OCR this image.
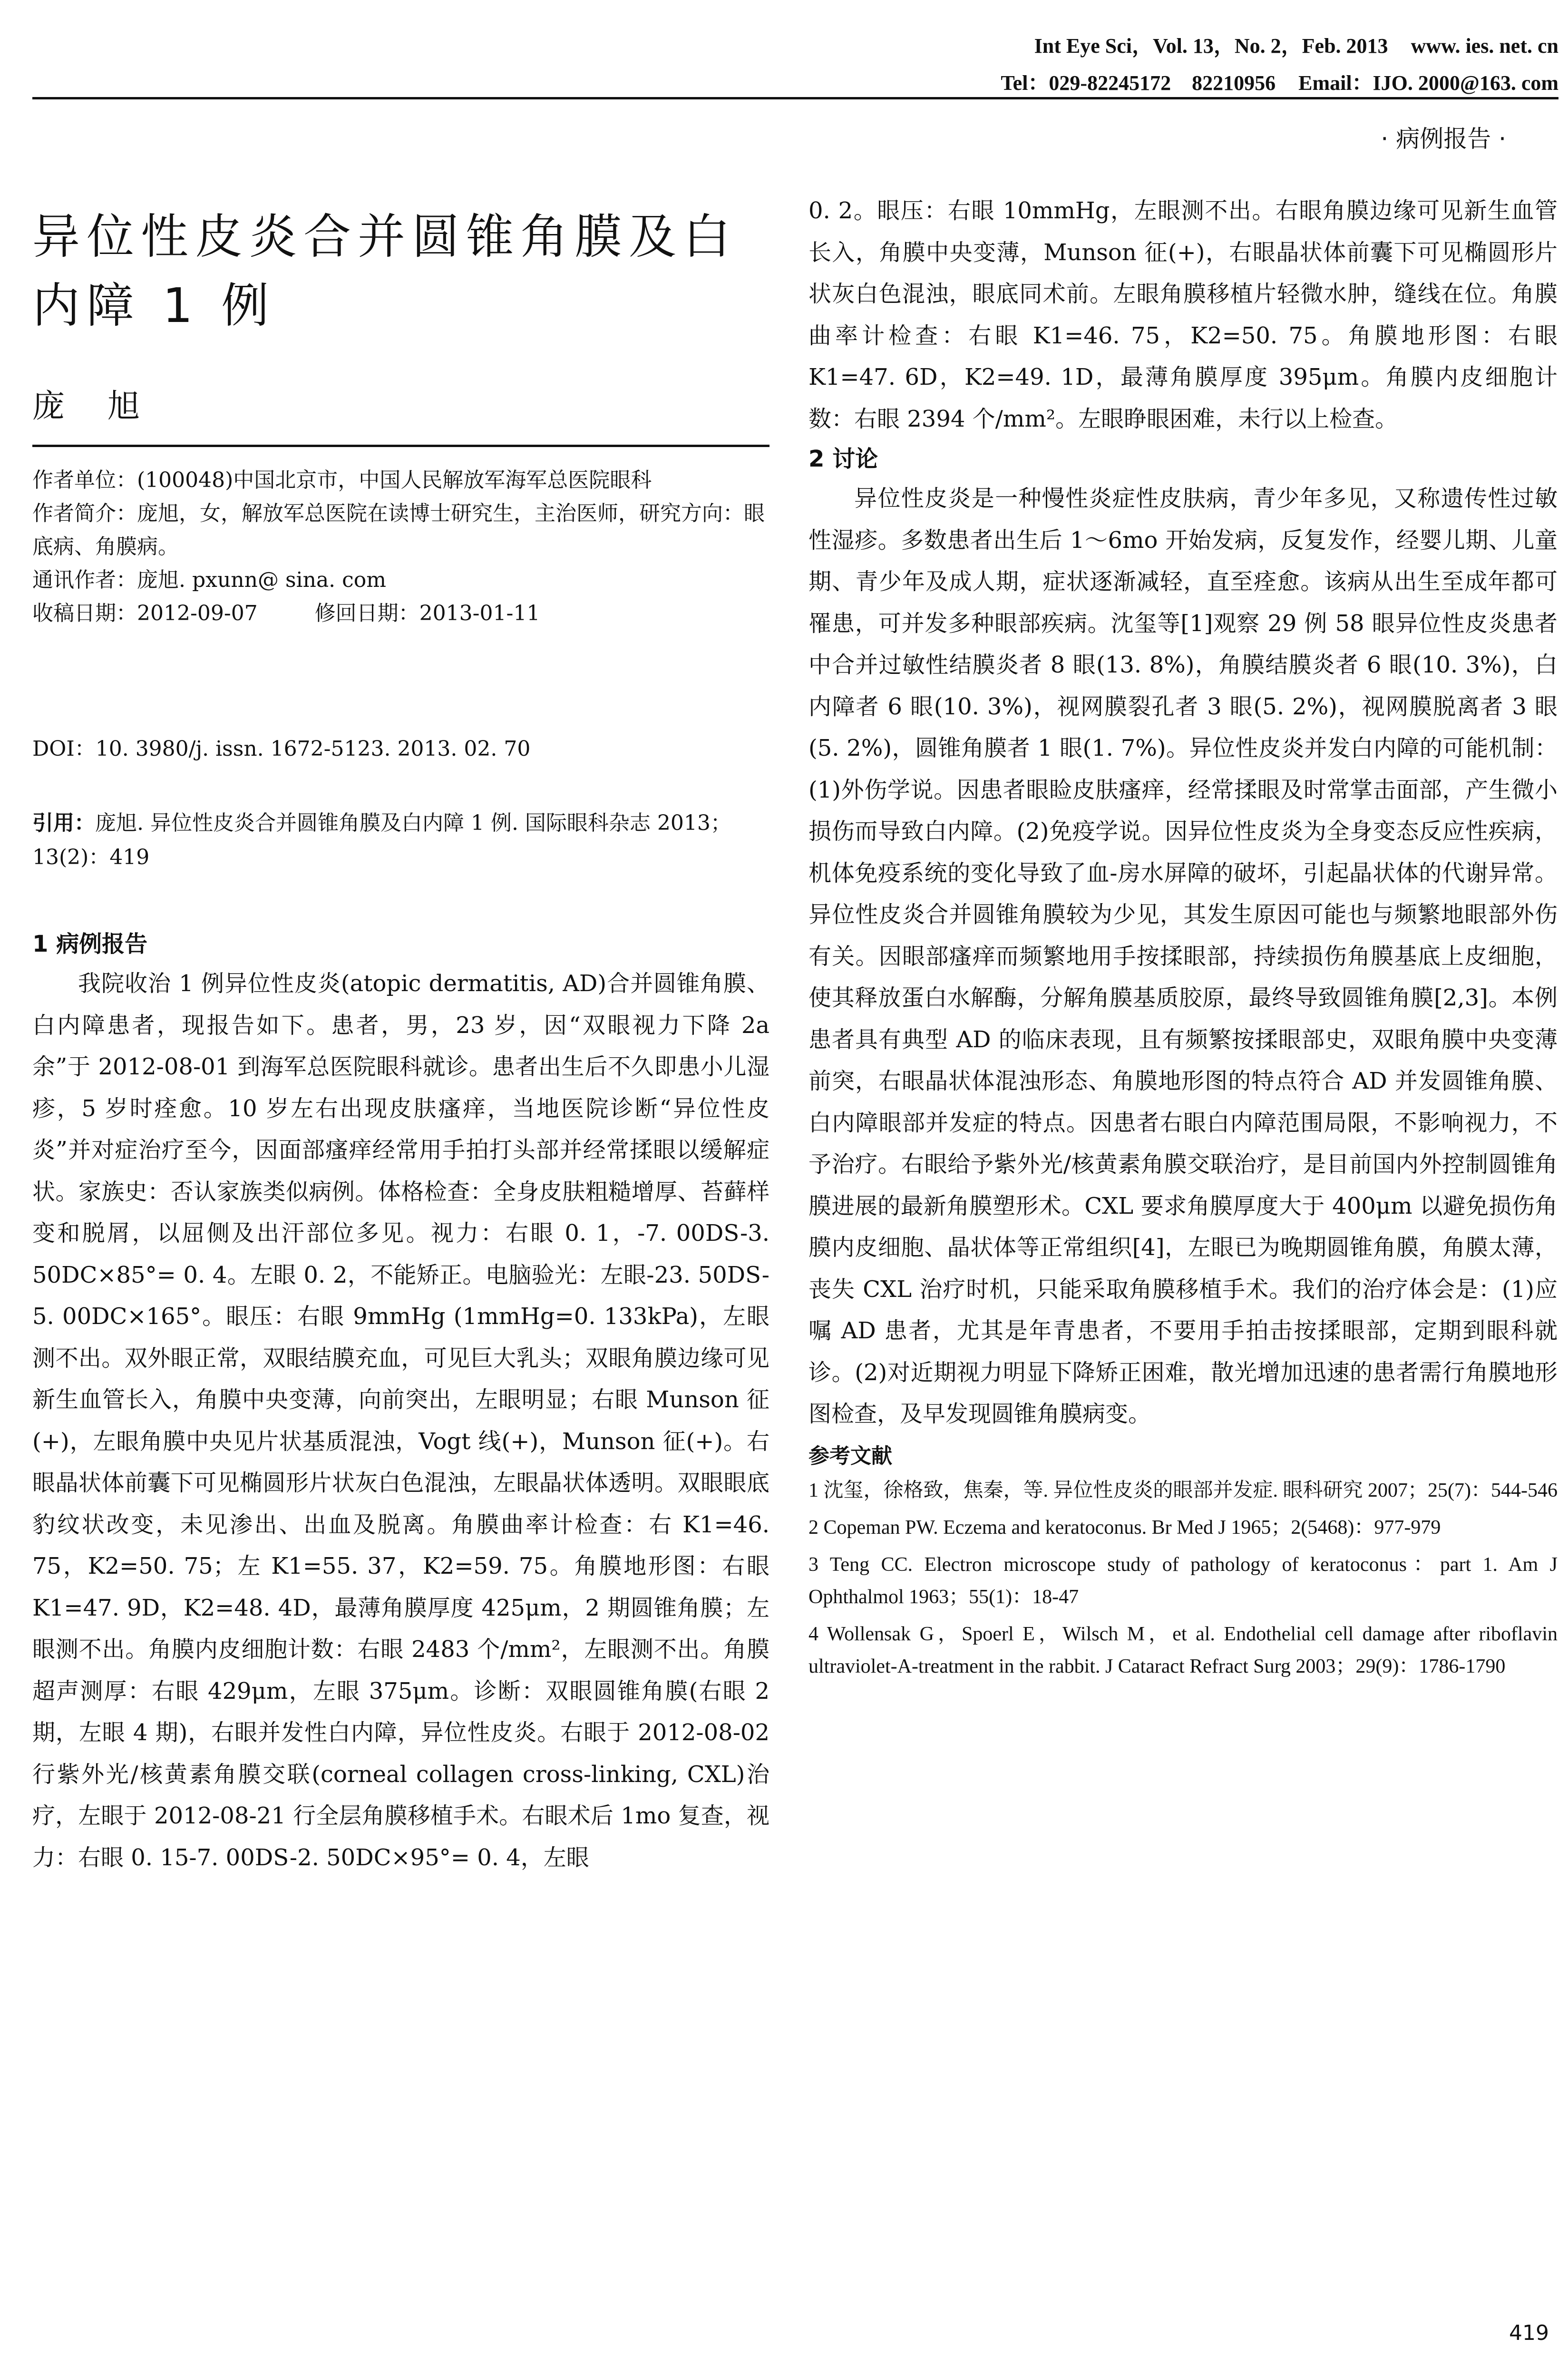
Int Eye Sci，Vol. 13，No. 2，Feb. 2013 www. ies. net. cn
Tel：029-82245172　82210956 Email：IJO. 2000@163. com
· 病例报告 ·
异位性皮炎合并圆锥角膜及白
内障 1 例
庞旭

作者单位：(100048)中国北京市，中国人民解放军海军总医院眼科

作者简介：庞旭，女，解放军总医院在读博士研究生，主治医师，研究方向：眼底病、角膜病。

通讯作者：庞旭. pxunn@ sina. com

收稿日期：2012-09-07	修回日期：2013-01-11

DOI：10. 3980/j. issn. 1672-5123. 2013. 02. 70
引用：庞旭. 异位性皮炎合并圆锥角膜及白内障 1 例. 国际眼科杂志 2013；13(2)：419
1 病例报告

我院收治 1 例异位性皮炎(atopic dermatitis, AD)合并圆锥角膜、白内障患者，现报告如下。患者，男，23 岁，因“双眼视力下降 2a 余”于 2012-08-01 到海军总医院眼科就诊。患者出生后不久即患小儿湿疹，5 岁时痊愈。10 岁左右出现皮肤瘙痒，当地医院诊断“异位性皮炎”并对症治疗至今，因面部瘙痒经常用手拍打头部并经常揉眼以缓解症状。家族史：否认家族类似病例。体格检查：全身皮肤粗糙增厚、苔藓样变和脱屑，以屈侧及出汗部位多见。视力：右眼 0. 1，-7. 00DS-3. 50DC×85°= 0. 4。左眼 0. 2，不能矫正。电脑验光：左眼-23. 50DS-5. 00DC×165°。眼压：右眼 9mmHg (1mmHg=0. 133kPa)，左眼测不出。双外眼正常，双眼结膜充血，可见巨大乳头；双眼角膜边缘可见新生血管长入，角膜中央变薄，向前突出，左眼明显；右眼 Munson 征(+)，左眼角膜中央见片状基质混浊，Vogt 线(+)，Munson 征(+)。右眼晶状体前囊下可见椭圆形片状灰白色混浊，左眼晶状体透明。双眼眼底豹纹状改变，未见渗出、出血及脱离。角膜曲率计检查：右 K1=46. 75，K2=50. 75；左 K1=55. 37，K2=59. 75。角膜地形图：右眼 K1=47. 9D，K2=48. 4D，最薄角膜厚度 425μm，2 期圆锥角膜；左眼测不出。角膜内皮细胞计数：右眼 2483 个/mm²，左眼测不出。角膜超声测厚：右眼 429μm，左眼 375μm。诊断：双眼圆锥角膜(右眼 2 期，左眼 4 期)，右眼并发性白内障，异位性皮炎。右眼于 2012-08-02 行紫外光/核黄素角膜交联(corneal collagen cross-linking, CXL)治疗，左眼于 2012-08-21 行全层角膜移植手术。右眼术后 1mo 复查，视力：右眼 0. 15-7. 00DS-2. 50DC×95°= 0. 4，左眼

0. 2。眼压：右眼 10mmHg，左眼测不出。右眼角膜边缘可见新生血管长入，角膜中央变薄，Munson 征(+)，右眼晶状体前囊下可见椭圆形片状灰白色混浊，眼底同术前。左眼角膜移植片轻微水肿，缝线在位。角膜曲率计检查：右眼 K1=46. 75，K2=50. 75。角膜地形图：右眼 K1=47. 6D，K2=49. 1D，最薄角膜厚度 395μm。角膜内皮细胞计数：右眼 2394 个/mm²。左眼睁眼困难，未行以上检查。

2 讨论

异位性皮炎是一种慢性炎症性皮肤病，青少年多见，又称遗传性过敏性湿疹。多数患者出生后 1～6mo 开始发病，反复发作，经婴儿期、儿童期、青少年及成人期，症状逐渐减轻，直至痊愈。该病从出生至成年都可罹患，可并发多种眼部疾病。沈玺等[1]观察 29 例 58 眼异位性皮炎患者中合并过敏性结膜炎者 8 眼(13. 8%)，角膜结膜炎者 6 眼(10. 3%)，白内障者 6 眼(10. 3%)，视网膜裂孔者 3 眼(5. 2%)，视网膜脱离者 3 眼(5. 2%)，圆锥角膜者 1 眼(1. 7%)。异位性皮炎并发白内障的可能机制：(1)外伤学说。因患者眼睑皮肤瘙痒，经常揉眼及时常掌击面部，产生微小损伤而导致白内障。(2)免疫学说。因异位性皮炎为全身变态反应性疾病，机体免疫系统的变化导致了血-房水屏障的破坏，引起晶状体的代谢异常。异位性皮炎合并圆锥角膜较为少见，其发生原因可能也与频繁地眼部外伤有关。因眼部瘙痒而频繁地用手按揉眼部，持续损伤角膜基底上皮细胞，使其释放蛋白水解酶，分解角膜基质胶原，最终导致圆锥角膜[2,3]。本例患者具有典型 AD 的临床表现，且有频繁按揉眼部史，双眼角膜中央变薄前突，右眼晶状体混浊形态、角膜地形图的特点符合 AD 并发圆锥角膜、白内障眼部并发症的特点。因患者右眼白内障范围局限，不影响视力，不予治疗。右眼给予紫外光/核黄素角膜交联治疗，是目前国内外控制圆锥角膜进展的最新角膜塑形术。CXL 要求角膜厚度大于 400μm 以避免损伤角膜内皮细胞、晶状体等正常组织[4]，左眼已为晚期圆锥角膜，角膜太薄，丧失 CXL 治疗时机，只能采取角膜移植手术。我们的治疗体会是：(1)应嘱 AD 患者，尤其是年青患者，不要用手拍击按揉眼部，定期到眼科就诊。(2)对近期视力明显下降矫正困难，散光增加迅速的患者需行角膜地形图检查，及早发现圆锥角膜病变。

参考文献

1 沈玺，徐格致，焦秦，等. 异位性皮炎的眼部并发症. 眼科研究 2007；25(7)：544-546

2 Copeman PW. Eczema and keratoconus. Br Med J 1965；2(5468)：977-979

3 Teng CC. Electron microscope study of pathology of keratoconus：part 1. Am J Ophthalmol 1963；55(1)：18-47

4 Wollensak G，Spoerl E，Wilsch M，et al. Endothelial cell damage after riboflavin ultraviolet-A-treatment in the rabbit. J Cataract Refract Surg 2003；29(9)：1786-1790

419
